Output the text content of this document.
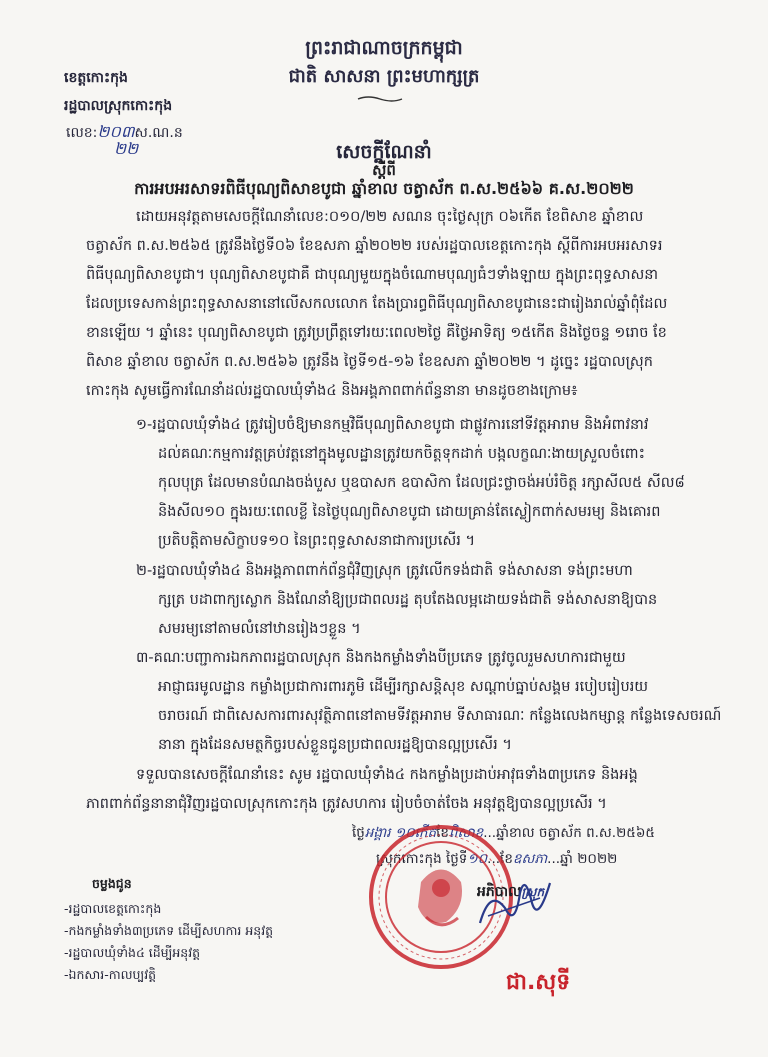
ព្រះរាជាណាចក្រកម្ពុជា
ជាតិ សាសនា ព្រះមហាក្សត្រ
ខេត្តកោះកុង
រដ្ឋបាលស្រុកកោះកុង
លេខ:២០៣ស.ណ.ន
២២	សេចក្តីណែនាំ
ស្តីពី
ការអបអរសាទរពិធីបុណ្យពិសាខបូជា ឆ្នាំខាល ចត្វាស័ក ព.ស.២៥៦៦ គ.ស.២០២២
ដោយអនុវត្តតាមសេចក្តីណែនាំលេខ:០១០/២២ សណន ចុះថ្ងៃសុក្រ ០៦កើត ខែពិសាខ ឆ្នាំខាល
ចត្វាស័ក ព.ស.២៥៦៥ ត្រូវនឹងថ្ងៃទី០៦ ខែឧសភា ឆ្នាំ២០២២ របស់រដ្ឋបាលខេត្តកោះកុង ស្តីពីការអបអរសាទរ
ពិធីបុណ្យពិសាខបូជា។ បុណ្យពិសាខបូជាគឺ ជាបុណ្យមួយក្នុងចំណោមបុណ្យធំៗទាំងឡាយ ក្នុងព្រះពុទ្ធសាសនា
ដែលប្រទេសកាន់ព្រះពុទ្ធសាសនានៅលើសកលលោក តែងប្រារព្ធពិធីបុណ្យពិសាខបូជានេះជារៀងរាល់ឆ្នាំពុំដែល
ខានឡើយ ។ ឆ្នាំនេះ បុណ្យពិសាខបូជា ត្រូវប្រព្រឹត្តទៅរយៈពេល២ថ្ងៃ គឺថ្ងៃអាទិត្យ ១៥កើត និងថ្ងៃចន្ទ ១រោច ខែ
ពិសាខ ឆ្នាំខាល ចត្វាស័ក ព.ស.២៥៦៦ ត្រូវនឹង ថ្ងៃទី១៥-១៦ ខែឧសភា ឆ្នាំ២០២២ ។ ដូច្នេះ រដ្ឋបាលស្រុក
កោះកុង សូមធ្វើការណែនាំដល់រដ្ឋបាលឃុំទាំង៤ និងអង្គភាពពាក់ព័ន្ធនានា មានដូចខាងក្រោម៖
១-រដ្ឋបាលឃុំទាំង៤ ត្រូវរៀបចំឱ្យមានកម្មវិធីបុណ្យពិសាខបូជា ជាផ្លូវការនៅទីវត្តអារាម និងអំពាវនាវ
ដល់គណៈកម្មការវត្តគ្រប់វត្តនៅក្នុងមូលដ្ឋានត្រូវយកចិត្តទុកដាក់ បង្កលក្ខណៈងាយស្រួលចំពោះ
កុលបុត្រ ដែលមានបំណងចង់បួស ឬឧបាសក ឧបាសិកា ដែលជ្រះថ្លាចង់អប់រំចិត្ត រក្សាសីល៥ សីល៨
និងសីល១០ ក្នុងរយៈពេលខ្លី នៃថ្ងៃបុណ្យពិសាខបូជា ដោយគ្រាន់តែស្លៀកពាក់សមរម្យ និងគោរព
ប្រតិបត្តិតាមសិក្ខាបទ១០ នៃព្រះពុទ្ធសាសនាជាការប្រសើរ ។
២-រដ្ឋបាលឃុំទាំង៤ និងអង្គភាពពាក់ព័ន្ធជុំវិញស្រុក ត្រូវលើកទង់ជាតិ ទង់សាសនា ទង់ព្រះមហា
ក្សត្រ បដាពាក្យស្លោក និងណែនាំឱ្យប្រជាពលរដ្ឋ តុបតែងលម្អដោយទង់ជាតិ ទង់សាសនាឱ្យបាន
សមរម្យនៅតាមលំនៅឋានរៀងៗខ្លួន ។
៣-គណៈបញ្ជាការឯកភាពរដ្ឋបាលស្រុក និងកងកម្លាំងទាំងបីប្រភេទ ត្រូវចូលរួមសហការជាមួយ
អាជ្ញាធរមូលដ្ឋាន កម្លាំងប្រជាការពារភូមិ ដើម្បីរក្សាសន្តិសុខ សណ្តាប់ធ្នាប់សង្គម របៀបរៀបរយ
ចរាចរណ៍ ជាពិសេសការពារសុវត្ថិភាពនៅតាមទីវត្តអារាម ទីសាធារណៈ កន្លែងលេងកម្សាន្ត កន្លែងទេសចរណ៍
នានា ក្នុងដែនសមត្ថកិច្ចរបស់ខ្លួនជូនប្រជាពលរដ្ឋឱ្យបានល្អប្រសើរ ។
ទទួលបានសេចក្តីណែនាំនេះ សូម រដ្ឋបាលឃុំទាំង៤ កងកម្លាំងប្រដាប់អាវុធទាំង៣ប្រភេទ និងអង្គ
ភាពពាក់ព័ន្ធនានាជុំវិញរដ្ឋបាលស្រុកកោះកុង ត្រូវសហការ រៀបចំចាត់ចែង អនុវត្តឱ្យបានល្អប្រសើរ ។
ថ្ងៃអង្គារ ១០កើតខែពិសាខ...ឆ្នាំខាល ចត្វាស័ក ព.ស.២៥៦៥
ស្រុកកោះកុង ថ្ងៃទី១០...ខែឧសភា...ឆ្នាំ ២០២២
អភិបាលស្រុក
ជា.សុទី
ចម្លងជូន
-រដ្ឋបាលខេត្តកោះកុង
-កងកម្លាំងទាំង៣ប្រភេទ ដើម្បីសហការ អនុវត្ត
-រដ្ឋបាលឃុំទាំង៤ ដើម្បីអនុវត្ត
-ឯកសារ-កាលប្បវត្តិ
